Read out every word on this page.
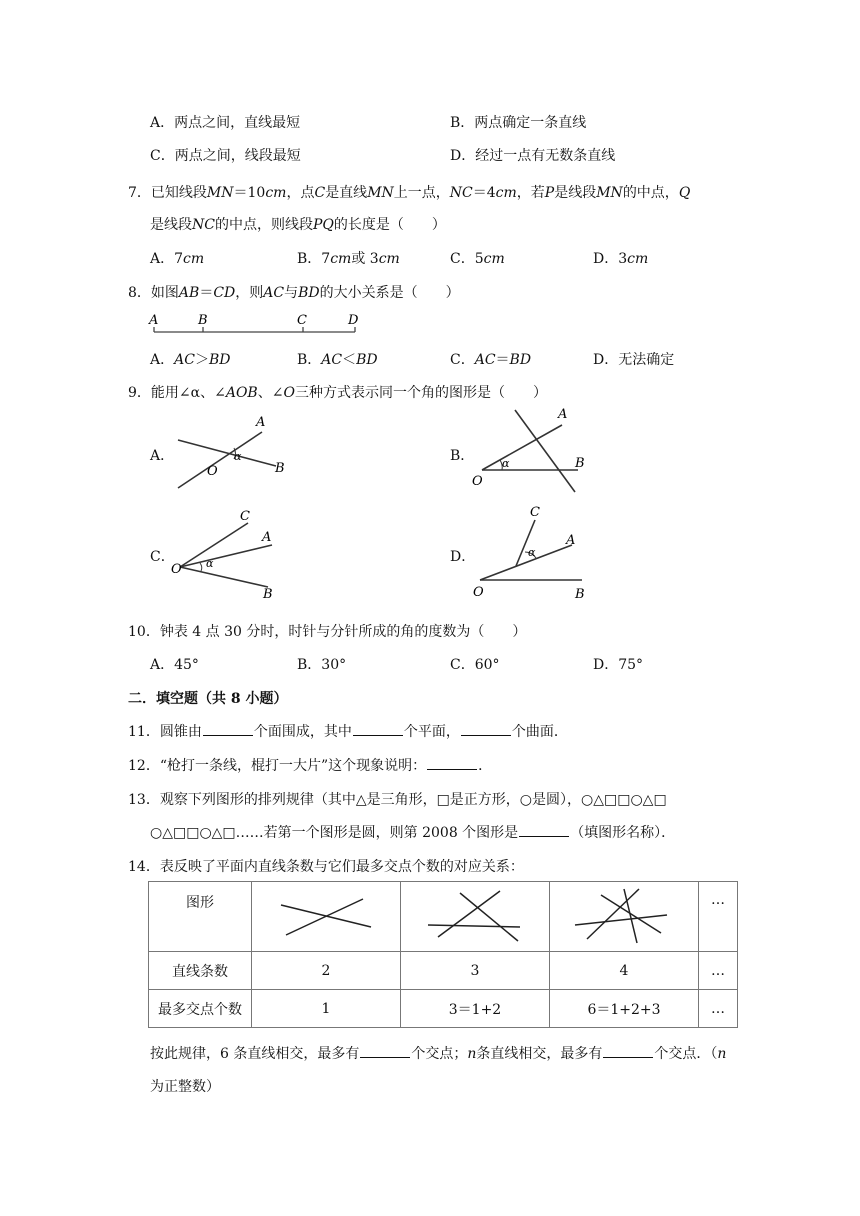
A．两点之间，直线最短	B．两点确定一条直线
C．两点之间，线段最短	D．经过一点有无数条直线
7．已知线段MN＝10cm，点C是直线MN上一点，NC＝4cm，若P是线段MN的中点，Q
是线段NC的中点，则线段PQ的长度是（　　）
A．7cm	B．7cm或 3cm	C．5cm	D．3cm
8．如图AB＝CD，则AC与BD的大小关系是（　　）
A	B	C	D
A．AC＞BD	B．AC＜BD	C．AC＝BD	D．无法确定
9．能用∠α、∠AOB、∠O三种方式表示同一个角的图形是（　　）
A．
A
B
O
α	B．
A
B
O
α
C．
C
A
B
O α	D．
C
A
B
O
α
10．钟表 4 点 30 分时，时针与分针所成的角的度数为（　　）
A．45°	B．30°	C．60°	D．75°
二．填空题（共 8 小题）
11．圆锥由	个面围成，其中	个平面，	个曲面．
12．“枪打一条线，棍打一大片”这个现象说明：	．
13．观察下列图形的排列规律（其中△是三角形，□是正方形，○是圆），○△□□○△□
○△□□○△□……若第一个图形是圆，则第 2008 个图形是	（填图形名称）．
14．表反映了平面内直线条数与它们最多交点个数的对应关系：
图形				…
直线条数	2	3	4	…
最多交点个数	1	3＝1+2	6＝1+2+3	…
按此规律，6 条直线相交，最多有	个交点；n条直线相交，最多有	个交点．（n
为正整数）
